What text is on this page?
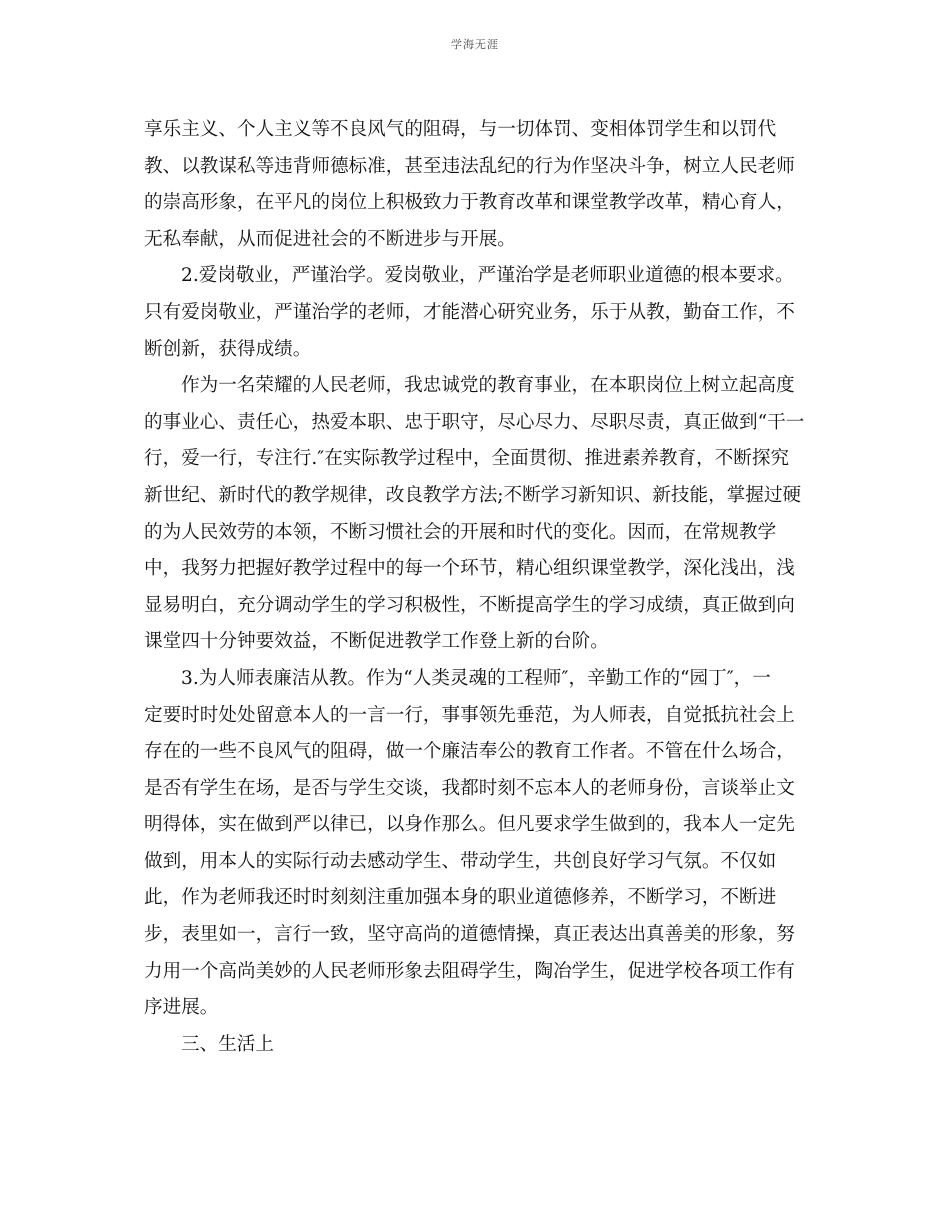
学海无涯

享乐主义、个人主义等不良风气的阻碍，与一切体罚、变相体罚学生和以罚代
教、以教谋私等违背师德标准，甚至违法乱纪的行为作坚决斗争，树立人民老师
的崇高形象，在平凡的岗位上积极致力于教育改革和课堂教学改革，精心育人，
无私奉献，从而促进社会的不断进步与开展。

2.爱岗敬业，严谨治学。爱岗敬业，严谨治学是老师职业道德的根本要求。
只有爱岗敬业，严谨治学的老师，才能潜心研究业务，乐于从教，勤奋工作，不
断创新，获得成绩。

作为一名荣耀的人民老师，我忠诚党的教育事业，在本职岗位上树立起高度
的事业心、责任心，热爱本职、忠于职守，尽心尽力、尽职尽责，真正做到“干一
行，爱一行，专注行.″在实际教学过程中，全面贯彻、推进素养教育，不断探究
新世纪、新时代的教学规律，改良教学方法;不断学习新知识、新技能，掌握过硬
的为人民效劳的本领，不断习惯社会的开展和时代的变化。因而，在常规教学
中，我努力把握好教学过程中的每一个环节，精心组织课堂教学，深化浅出，浅
显易明白，充分调动学生的学习积极性，不断提高学生的学习成绩，真正做到向
课堂四十分钟要效益，不断促进教学工作登上新的台阶。

3.为人师表廉洁从教。作为“人类灵魂的工程师″，辛勤工作的“园丁″，一
定要时时处处留意本人的一言一行，事事领先垂范，为人师表，自觉抵抗社会上
存在的一些不良风气的阻碍，做一个廉洁奉公的教育工作者。不管在什么场合，
是否有学生在场，是否与学生交谈，我都时刻不忘本人的老师身份，言谈举止文
明得体，实在做到严以律已，以身作那么。但凡要求学生做到的，我本人一定先
做到，用本人的实际行动去感动学生、带动学生，共创良好学习气氛。不仅如
此，作为老师我还时时刻刻注重加强本身的职业道德修养，不断学习，不断进
步，表里如一，言行一致，坚守高尚的道德情操，真正表达出真善美的形象，努
力用一个高尚美妙的人民老师形象去阻碍学生，陶冶学生，促进学校各项工作有
序进展。

三、生活上
